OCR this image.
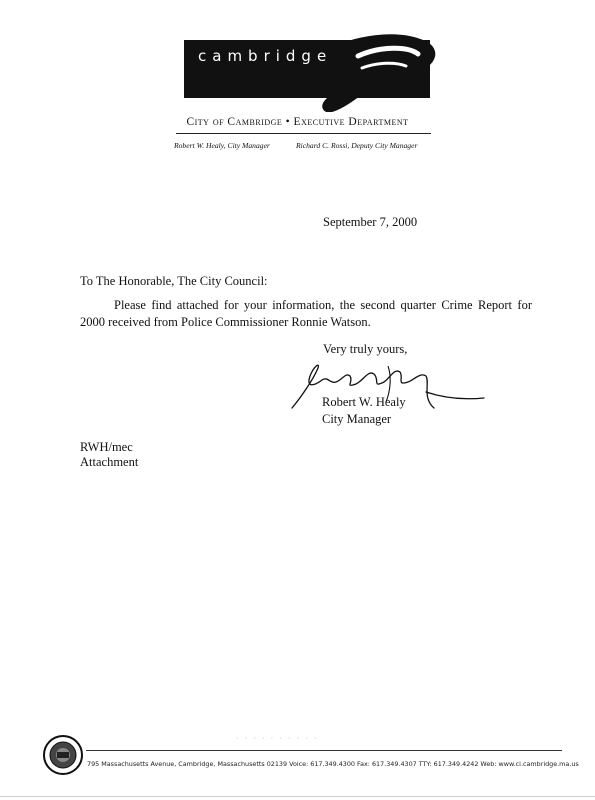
cambridge
City of Cambridge • Executive Department
Robert W. Healy, City Manager	Richard C. Rossi, Deputy City Manager
September 7, 2000
To The Honorable, The City Council:
Please find attached for your information, the second quarter Crime Report for 2000 received from Police Commissioner Ronnie Watson.
Very truly yours,
Robert W. Healy
City Manager
RWH/mec
Attachment
· · · · · · · · · ·
795 Massachusetts Avenue, Cambridge, Massachusetts 02139 Voice: 617.349.4300 Fax: 617.349.4307 TTY: 617.349.4242 Web: www.ci.cambridge.ma.us
